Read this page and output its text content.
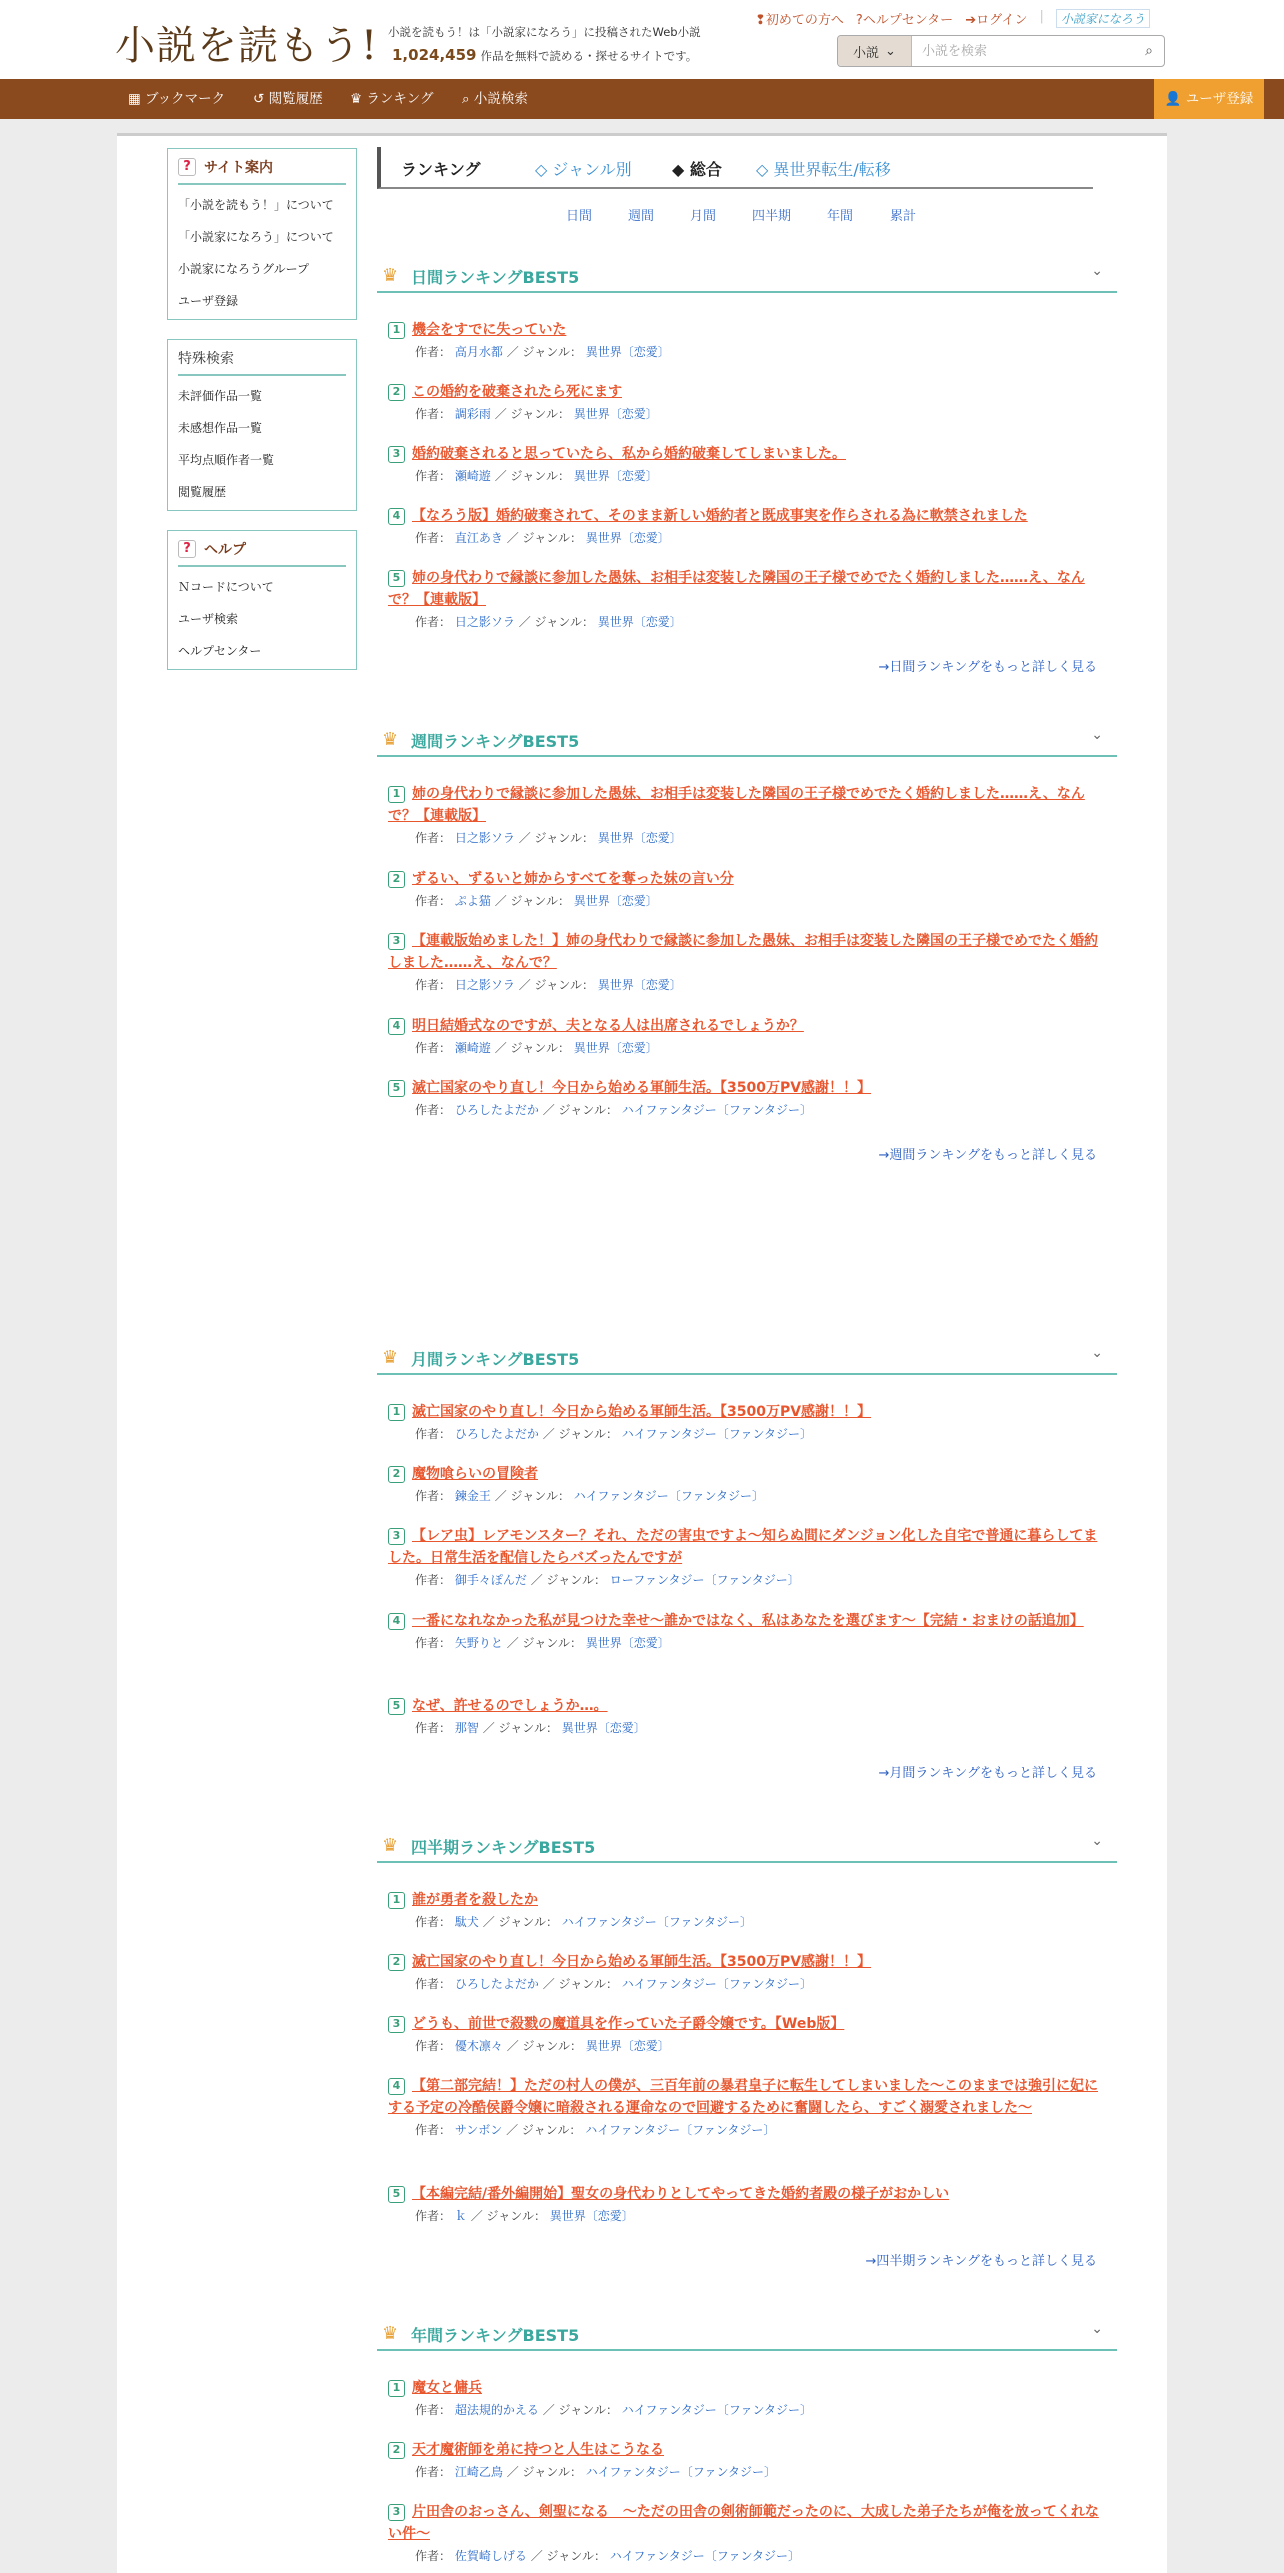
小説を読もう! 小説を読もう！は「小説家になろう」に投稿されたWeb小説
1,024,459 作品を無料で読める・探せるサイトです。
❢初めての方へ ?ヘルプセンター ➔ログイン |	小説家になろう
小説 ⌄
小説を検索	⌕
▦ ブックマーク ↺ 閲覧履歴 ♛ ランキング ⌕ 小説検索	👤 ユーザ登録
? サイト案内
「小説を読もう！」について
「小説家になろう」について
小説家になろうグループ
ユーザ登録
特殊検索
未評価作品一覧
未感想作品一覧
平均点順作者一覧
閲覧履歴
? ヘルプ
Ｎコードについて
ユーザ検索
ヘルプセンター
ランキング	◇ ジャンル別	◆ 総合 ◇ 異世界転生/転移
日間	週間	月間	四半期	年間	累計
♛ 日間ランキングBEST5	⌄
1 機会をすでに失っていた
作者： 高月水都 ／ ジャンル： 異世界〔恋愛〕
2 この婚約を破棄されたら死にます
作者： 調彩雨 ／ ジャンル： 異世界〔恋愛〕
3 婚約破棄されると思っていたら、私から婚約破棄してしまいました。
作者： 瀬崎遊 ／ ジャンル： 異世界〔恋愛〕
4 【なろう版】婚約破棄されて、そのまま新しい婚約者と既成事実を作らされる為に軟禁されました
作者： 直江あき ／ ジャンル： 異世界〔恋愛〕
5 姉の身代わりで縁談に参加した愚妹、お相手は変装した隣国の王子様でめでたく婚約しました……え、なんで？【連載版】
作者： 日之影ソラ ／ ジャンル： 異世界〔恋愛〕
→日間ランキングをもっと詳しく見る
♛ 週間ランキングBEST5	⌄
1 姉の身代わりで縁談に参加した愚妹、お相手は変装した隣国の王子様でめでたく婚約しました……え、なんで？【連載版】
作者： 日之影ソラ ／ ジャンル： 異世界〔恋愛〕
2 ずるい、ずるいと姉からすべてを奪った妹の言い分
作者： ぷよ猫 ／ ジャンル： 異世界〔恋愛〕
3 【連載版始めました！】姉の身代わりで縁談に参加した愚妹、お相手は変装した隣国の王子様でめでたく婚約しました……え、なんで？
作者： 日之影ソラ ／ ジャンル： 異世界〔恋愛〕
4 明日結婚式なのですが、夫となる人は出席されるでしょうか？
作者： 瀬崎遊 ／ ジャンル： 異世界〔恋愛〕
5 滅亡国家のやり直し！今日から始める軍師生活。【3500万PV感謝！！】
作者： ひろしたよだか ／ ジャンル： ハイファンタジー〔ファンタジー〕
→週間ランキングをもっと詳しく見る
♛ 月間ランキングBEST5	⌄
1 滅亡国家のやり直し！今日から始める軍師生活。【3500万PV感謝！！】
作者： ひろしたよだか ／ ジャンル： ハイファンタジー〔ファンタジー〕
2 魔物喰らいの冒険者
作者： 鍊金王 ／ ジャンル： ハイファンタジー〔ファンタジー〕
3 【レア虫】レアモンスター？それ、ただの害虫ですよ～知らぬ間にダンジョン化した自宅で普通に暮らしてました。日常生活を配信したらバズったんですが
作者： 御手々ぽんだ ／ ジャンル： ローファンタジー〔ファンタジー〕
4 一番になれなかった私が見つけた幸せ〜誰かではなく、私はあなたを選びます〜【完結・おまけの話追加】
作者： 矢野りと ／ ジャンル： 異世界〔恋愛〕
5 なぜ、許せるのでしょうか…。
作者： 那智 ／ ジャンル： 異世界〔恋愛〕
→月間ランキングをもっと詳しく見る
♛ 四半期ランキングBEST5	⌄
1 誰が勇者を殺したか
作者： 駄犬 ／ ジャンル： ハイファンタジー〔ファンタジー〕
2 滅亡国家のやり直し！今日から始める軍師生活。【3500万PV感謝！！】
作者： ひろしたよだか ／ ジャンル： ハイファンタジー〔ファンタジー〕
3 どうも、前世で殺戮の魔道具を作っていた子爵令嬢です。【Web版】
作者： 優木凛々 ／ ジャンル： 異世界〔恋愛〕
4 【第二部完結！】ただの村人の僕が、三百年前の暴君皇子に転生してしまいました～このままでは強引に妃にする予定の冷酷侯爵令嬢に暗殺される運命なので回避するために奮闘したら、すごく溺愛されました～
作者： サンボン ／ ジャンル： ハイファンタジー〔ファンタジー〕
5 【本編完結/番外編開始】聖女の身代わりとしてやってきた婚約者殿の様子がおかしい
作者： ｋ ／ ジャンル： 異世界〔恋愛〕
→四半期ランキングをもっと詳しく見る
♛ 年間ランキングBEST5	⌄
1 魔女と傭兵
作者： 超法規的かえる ／ ジャンル： ハイファンタジー〔ファンタジー〕
2 天才魔術師を弟に持つと人生はこうなる
作者： 江崎乙鳥 ／ ジャンル： ハイファンタジー〔ファンタジー〕
3 片田舎のおっさん、剣聖になる　～ただの田舎の剣術師範だったのに、大成した弟子たちが俺を放ってくれない件～
作者： 佐賀崎しげる ／ ジャンル： ハイファンタジー〔ファンタジー〕
